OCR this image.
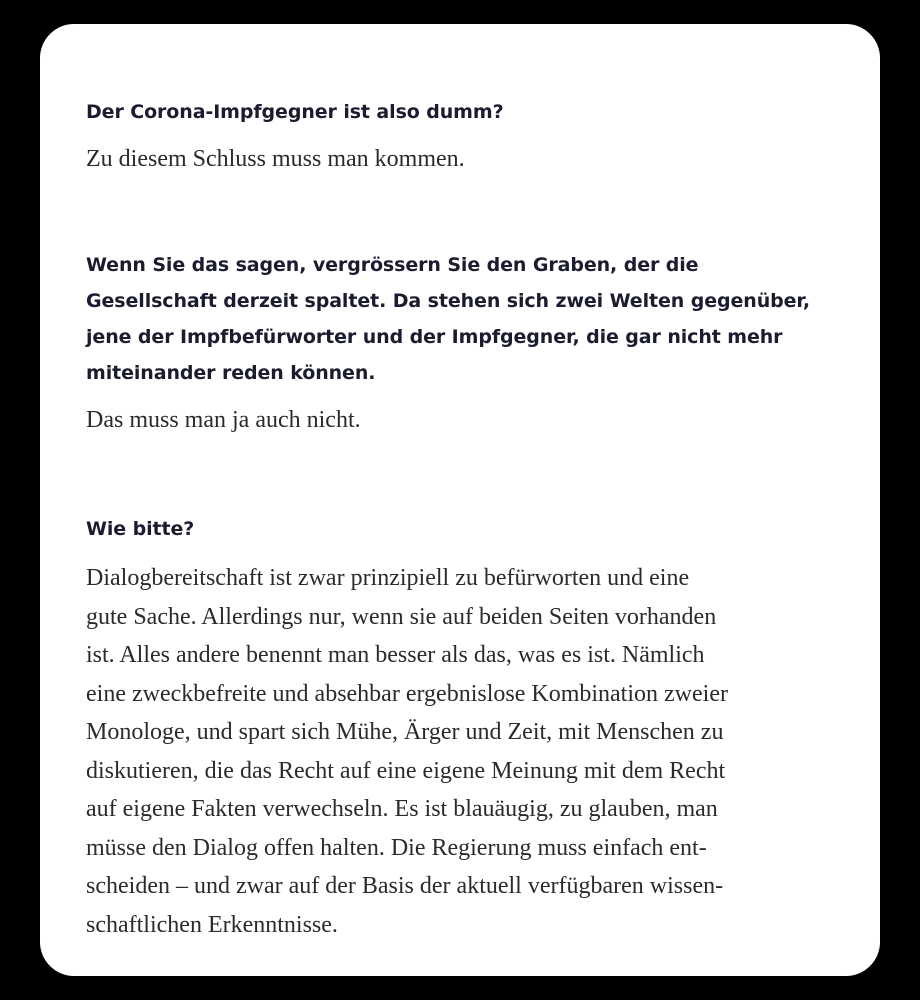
Der Corona-Impfgegner ist also dumm?

Zu diesem Schluss muss man kommen.

Wenn Sie das sagen, vergrössern Sie den Graben, der die
Gesellschaft derzeit spaltet. Da stehen sich zwei Welten gegenüber,
jene der Impfbefürworter und der Impfgegner, die gar nicht mehr
miteinander reden können.

Das muss man ja auch nicht.

Wie bitte?

Dialogbereitschaft ist zwar prinzipiell zu befürworten und eine
gute Sache. Allerdings nur, wenn sie auf beiden Seiten vorhanden
ist. Alles andere benennt man besser als das, was es ist. Nämlich
eine zweckbefreite und absehbar ergebnislose Kombination zweier
Monologe, und spart sich Mühe, Ärger und Zeit, mit Menschen zu
diskutieren, die das Recht auf eine eigene Meinung mit dem Recht
auf eigene Fakten verwechseln. Es ist blauäugig, zu glauben, man
müsse den Dialog offen halten. Die Regierung muss einfach ent-
scheiden – und zwar auf der Basis der aktuell verfügbaren wissen-
schaftlichen Erkenntnisse.
